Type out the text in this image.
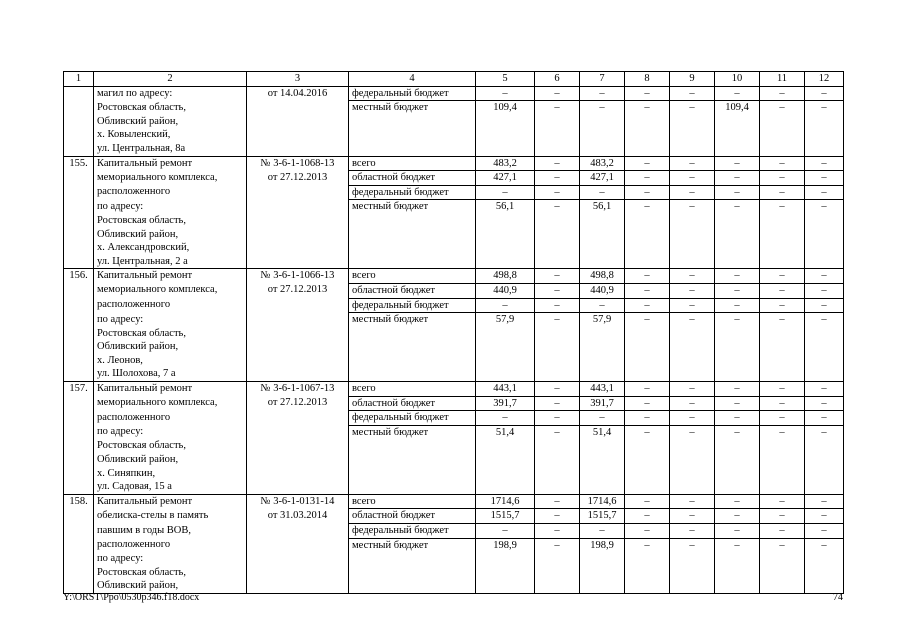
1	2	3	4	5	6	7	8	9	10	11	12
	магил по адресу:	от 14.04.2016	федеральный бюджет	–	–	–	–	–	–	–	–
	Ростовская область,		местный бюджет	109,4	–	–	–	–	109,4	–	–
	Обливский район,										
	х. Ковыленский,										
	ул. Центральная, 8а										
155.	Капитальный ремонт	№ 3-6-1-1068-13	всего	483,2	–	483,2	–	–	–	–	–
	мемориального комплекса,	от 27.12.2013	областной бюджет	427,1	–	427,1	–	–	–	–	–
	расположенного		федеральный бюджет	–	–	–	–	–	–	–	–
	по адресу:		местный бюджет	56,1	–	56,1	–	–	–	–	–
	Ростовская область,										
	Обливский район,										
	х. Александровский,										
	ул. Центральная, 2 а										
156.	Капитальный ремонт	№ 3-6-1-1066-13	всего	498,8	–	498,8	–	–	–	–	–
	мемориального комплекса,	от 27.12.2013	областной бюджет	440,9	–	440,9	–	–	–	–	–
	расположенного		федеральный бюджет	–	–	–	–	–	–	–	–
	по адресу:		местный бюджет	57,9	–	57,9	–	–	–	–	–
	Ростовская область,										
	Обливский район,										
	х. Леонов,										
	ул. Шолохова, 7 а										
157.	Капитальный ремонт	№ 3-6-1-1067-13	всего	443,1	–	443,1	–	–	–	–	–
	мемориального комплекса,	от 27.12.2013	областной бюджет	391,7	–	391,7	–	–	–	–	–
	расположенного		федеральный бюджет	–	–	–	–	–	–	–	–
	по адресу:		местный бюджет	51,4	–	51,4	–	–	–	–	–
	Ростовская область,										
	Обливский район,										
	х. Синяпкин,										
	ул. Садовая, 15 а										
158.	Капитальный ремонт	№ 3-6-1-0131-14	всего	1714,6	–	1714,6	–	–	–	–	–
	обелиска-стелы в память	от 31.03.2014	областной бюджет	1515,7	–	1515,7	–	–	–	–	–
	павшим в годы ВОВ,		федеральный бюджет	–	–	–	–	–	–	–	–
	расположенного		местный бюджет	198,9	–	198,9	–	–	–	–	–
	по адресу:										
	Ростовская область,										
	Обливский район,										
Y:\ORST\Ppo\0530p346.f18.docx	74
